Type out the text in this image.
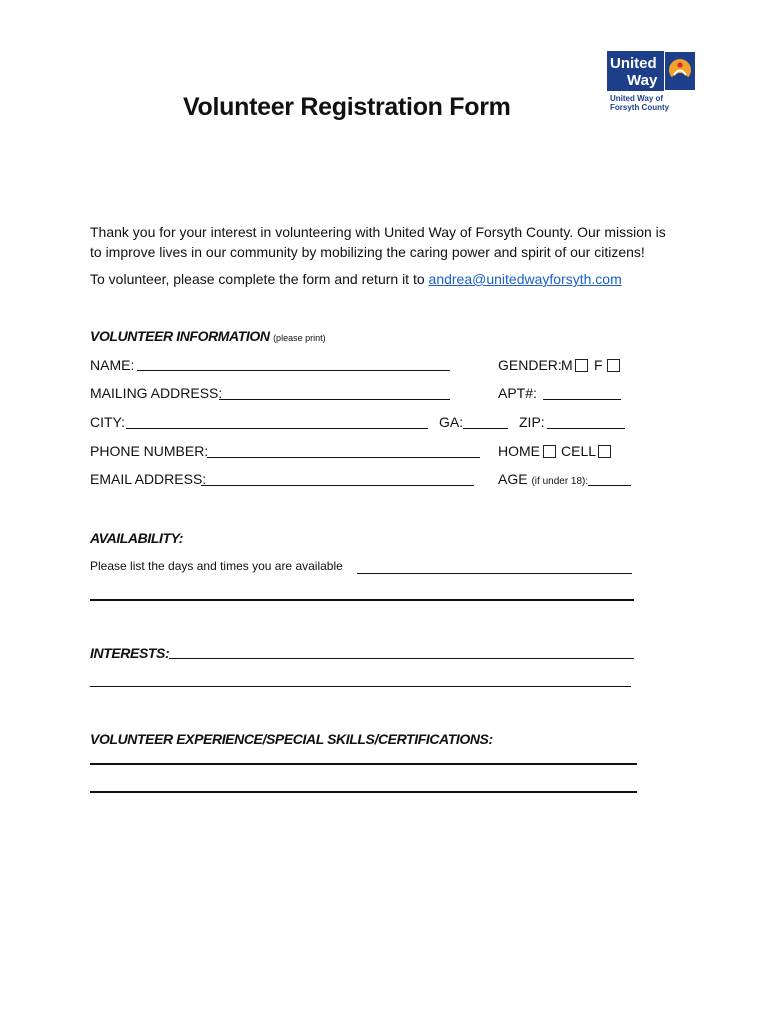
Volunteer Registration Form
United
Way
United Way of
Forsyth County
Thank you for your interest in volunteering with United Way of Forsyth County. Our mission is
to improve lives in our community by mobilizing the caring power and spirit of our citizens!
To volunteer, please complete the form and return it to andrea@unitedwayforsyth.com
VOLUNTEER INFORMATION (please print)
NAME:	GENDER: M F
MAILING ADDRESS:	APT#:
CITY:	GA:	ZIP:
PHONE NUMBER:	HOME CELL
EMAIL ADDRESS:	AGE (if under 18):
AVAILABILITY:
Please list the days and times you are available
INTERESTS:
VOLUNTEER EXPERIENCE/SPECIAL SKILLS/CERTIFICATIONS:
